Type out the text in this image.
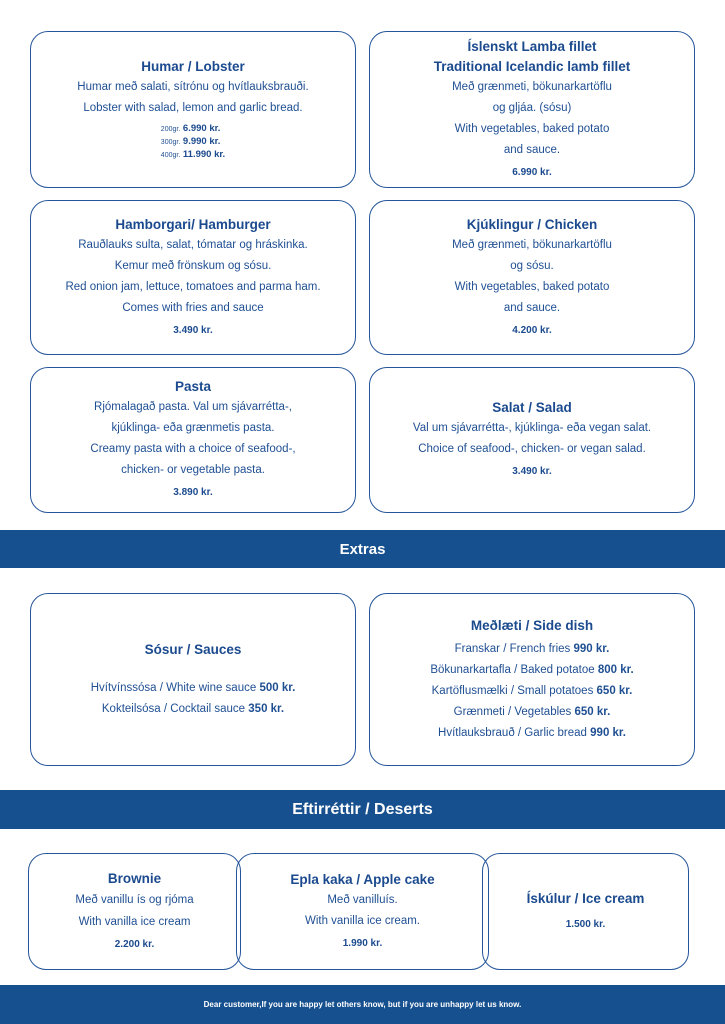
Humar / Lobster
Humar með salati, sítrónu og hvítlauksbrauði.
Lobster with salad, lemon and garlic bread.
200gr. 6.990 kr.
300gr. 9.990 kr.
400gr. 11.990 kr.
Íslenskt Lamba fillet
Traditional Icelandic lamb fillet
Með grænmeti, bökunarkartöflu
og gljáa. (sósu)
With vegetables, baked potato
and sauce.
6.990 kr.
Hamborgari/ Hamburger
Rauðlauks sulta, salat, tómatar og hráskinka.
Kemur með frönskum og sósu.
Red onion jam, lettuce, tomatoes and parma ham.
Comes with fries and sauce
3.490 kr.
Kjúklingur / Chicken
Með grænmeti, bökunarkartöflu
og sósu.
With vegetables, baked potato
and sauce.
4.200 kr.
Pasta
Rjómalagað pasta. Val um sjávarrétta-,
kjúklinga- eða grænmetis pasta.
Creamy pasta with a choice of seafood-,
chicken- or vegetable pasta.
3.890 kr.
Salat / Salad
Val um sjávarrétta-, kjúklinga- eða vegan salat.
Choice of seafood-, chicken- or vegan salad.
3.490 kr.
Extras
Sósur / Sauces
Hvítvínssósa / White wine sauce 500 kr.
Kokteilsósa / Cocktail sauce 350 kr.
Meðlæti / Side dish
Franskar / French fries 990 kr.
Bökunarkartafla / Baked potatoe 800 kr.
Kartöflusmælki / Small potatoes 650 kr.
Grænmeti / Vegetables 650 kr.
Hvítlauksbrauð / Garlic bread 990 kr.
Eftirréttir / Deserts
Brownie
Með vanillu ís og rjóma
With vanilla ice cream
2.200 kr.
Epla kaka / Apple cake
Með vanilluís.
With vanilla ice cream.
1.990 kr.
Ískúlur / Ice cream
1.500 kr.
Dear customer,If you are happy let others know, but if you are unhappy let us know.
